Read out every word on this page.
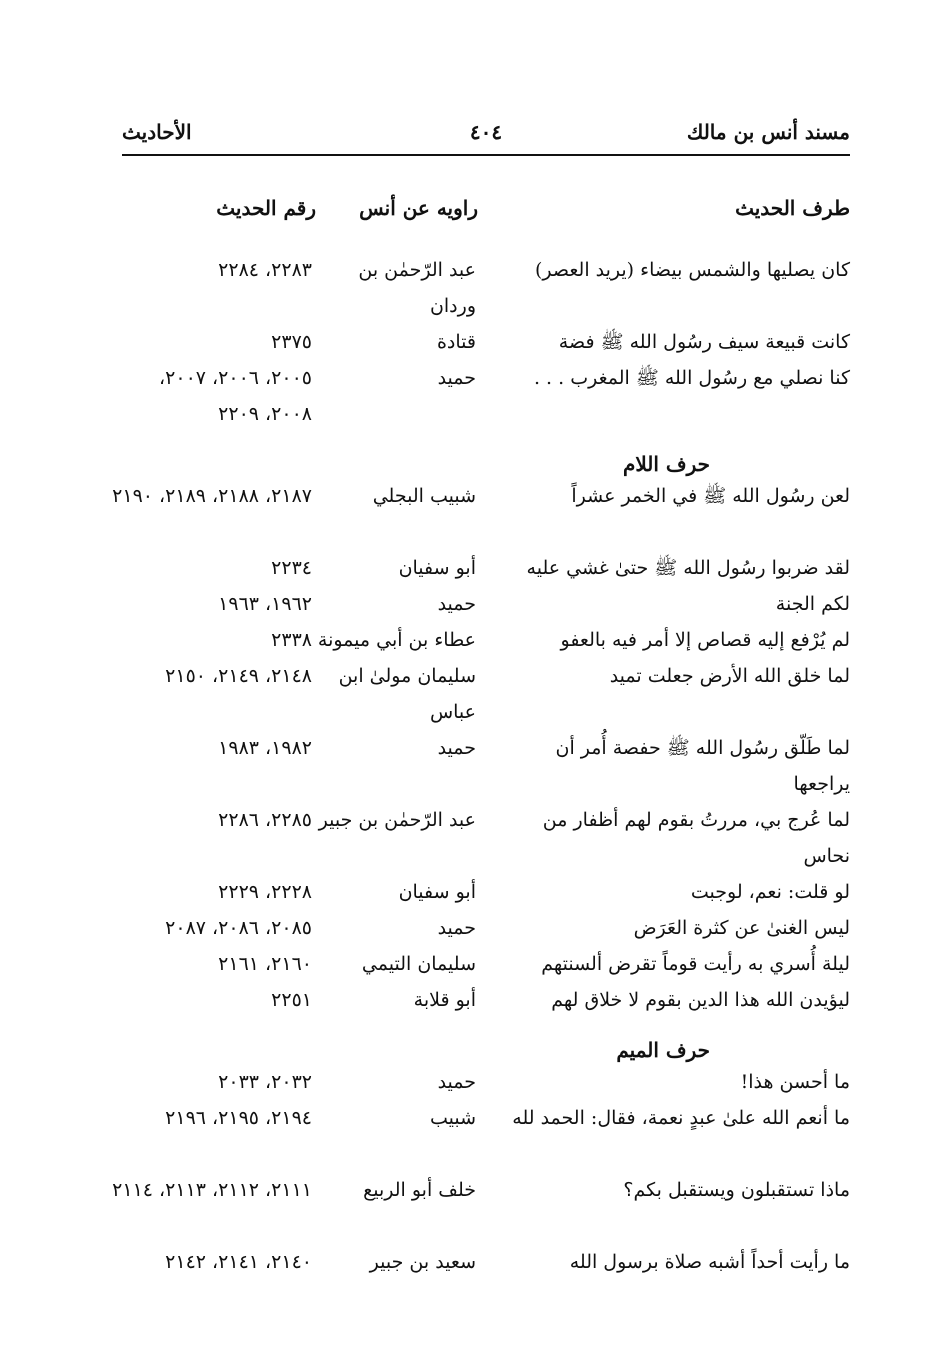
مسند أنس بن مالك
٤٠٤
الأحاديث
طرف الحديث
راويه عن أنس
رقم الحديث
كان يصليها والشمس بيضاء (يريد العصر)
عبد الرّحمٰن بن وردان
٢٢٨٣، ٢٢٨٤
كانت قبيعة سيف رسُول الله ﷺ فضة
قتادة
٢٣٧٥
كنا نصلي مع رسُول الله ﷺ المغرب . . .
حميد
٢٠٠٥، ٢٠٠٦، ٢٠٠٧، ٢٠٠٨، ٢٢٠٩
حرف اللام
لعن رسُول الله ﷺ في الخمر عشراً
شبيب البجلي
٢١٨٧، ٢١٨٨، ٢١٨٩، ٢١٩٠
لقد ضربوا رسُول الله ﷺ حتىٰ غشي عليه
أبو سفيان
٢٢٣٤
لكم الجنة
حميد
١٩٦٢، ١٩٦٣
لم يُرْفع إليه قصاص إلا أمر فيه بالعفو
عطاء بن أبي ميمونة
٢٣٣٨
لما خلق الله الأرض جعلت تميد
سليمان مولىٰ ابن عباس
٢١٤٨، ٢١٤٩، ٢١٥٠
لما طَلّق رسُول الله ﷺ حفصة أُمر أن يراجعها
حميد
١٩٨٢، ١٩٨٣
لما عُرج بي، مررتُ بقوم لهم أظفار من نحاس
عبد الرّحمٰن بن جبير
٢٢٨٥، ٢٢٨٦
لو قلت: نعم، لوجبت
أبو سفيان
٢٢٢٨، ٢٢٢٩
ليس الغنىٰ عن كثرة العَرَض
حميد
٢٠٨٥، ٢٠٨٦، ٢٠٨٧
ليلة أُسري به رأيت قوماً تقرض ألسنتهم
سليمان التيمي
٢١٦٠، ٢١٦١
ليؤيدن الله هذا الدين بقوم لا خلاق لهم
أبو قلابة
٢٢٥١
حرف الميم
ما أحسن هذا!
حميد
٢٠٣٢، ٢٠٣٣
ما أنعم الله علىٰ عبدٍ نعمة، فقال: الحمد لله
شبيب
٢١٩٤، ٢١٩٥، ٢١٩٦
ماذا تستقبلون ويستقبل بكم؟
خلف أبو الربيع
٢١١١، ٢١١٢، ٢١١٣، ٢١١٤
ما رأيت أحداً أشبه صلاة برسول الله
سعيد بن جبير
٢١٤٠، ٢١٤١، ٢١٤٢
